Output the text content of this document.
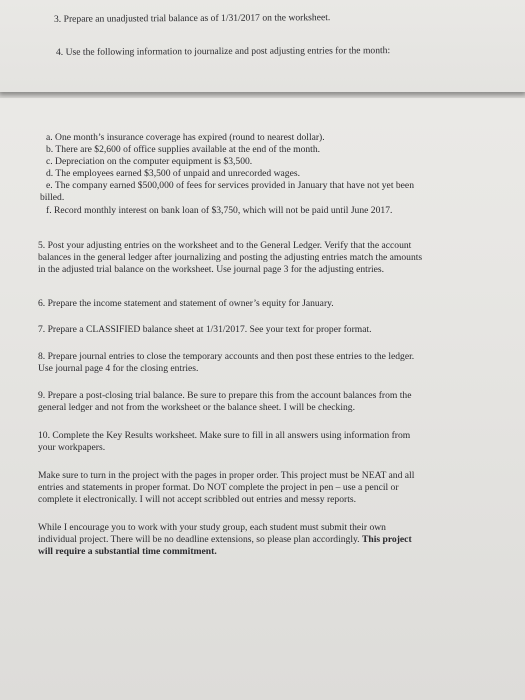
3. Prepare an unadjusted trial balance as of 1/31/2017 on the worksheet.
4. Use the following information to journalize and post adjusting entries for the month:
a. One month’s insurance coverage has expired (round to nearest dollar).
b. There are $2,600 of office supplies available at the end of the month.
c. Depreciation on the computer equipment is $3,500.
d. The employees earned $3,500 of unpaid and unrecorded wages.
e. The company earned $500,000 of fees for services provided in January that have not yet been
billed.
f. Record monthly interest on bank loan of $3,750, which will not be paid until June 2017.
5. Post your adjusting entries on the worksheet and to the General Ledger. Verify that the account
balances in the general ledger after journalizing and posting the adjusting entries match the amounts
in the adjusted trial balance on the worksheet. Use journal page 3 for the adjusting entries.
6. Prepare the income statement and statement of owner’s equity for January.
7. Prepare a CLASSIFIED balance sheet at 1/31/2017. See your text for proper format.
8. Prepare journal entries to close the temporary accounts and then post these entries to the ledger.
Use journal page 4 for the closing entries.
9. Prepare a post-closing trial balance. Be sure to prepare this from the account balances from the
general ledger and not from the worksheet or the balance sheet. I will be checking.
10. Complete the Key Results worksheet. Make sure to fill in all answers using information from
your workpapers.
Make sure to turn in the project with the pages in proper order. This project must be NEAT and all
entries and statements in proper format. Do NOT complete the project in pen – use a pencil or
complete it electronically. I will not accept scribbled out entries and messy reports.
While I encourage you to work with your study group, each student must submit their own
individual project. There will be no deadline extensions, so please plan accordingly. This project
will require a substantial time commitment.
